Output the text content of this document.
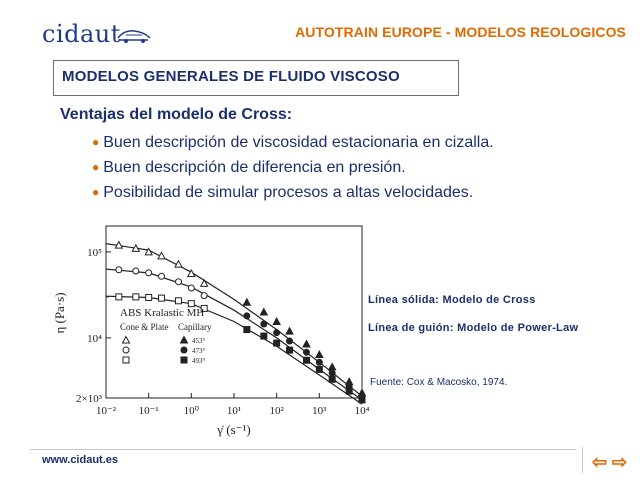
cidaut	AUTOTRAIN EUROPE - MODELOS REOLOGICOS
MODELOS GENERALES DE FLUIDO VISCOSO
Ventajas del modelo de Cross:
● Buen descripción de viscosidad estacionaria en cizalla.
● Buen descripción de diferencia en presión.
● Posibilidad de simular procesos a altas velocidades.
10⁻² 10⁻¹ 10⁰	10¹	10²	10³	10⁴
10⁵
10⁴
2×10³
η (Pa·s)
γ̇ (s⁻¹)
ABS Kralastic MH
Cone & Plate Capillary
453°
473°
493°
Línea sólida: Modelo de Cross
Línea de guión: Modelo de Power-Law
Fuente: Cox & Macosko, 1974.
www.cidaut.es	⇦ ⇨
